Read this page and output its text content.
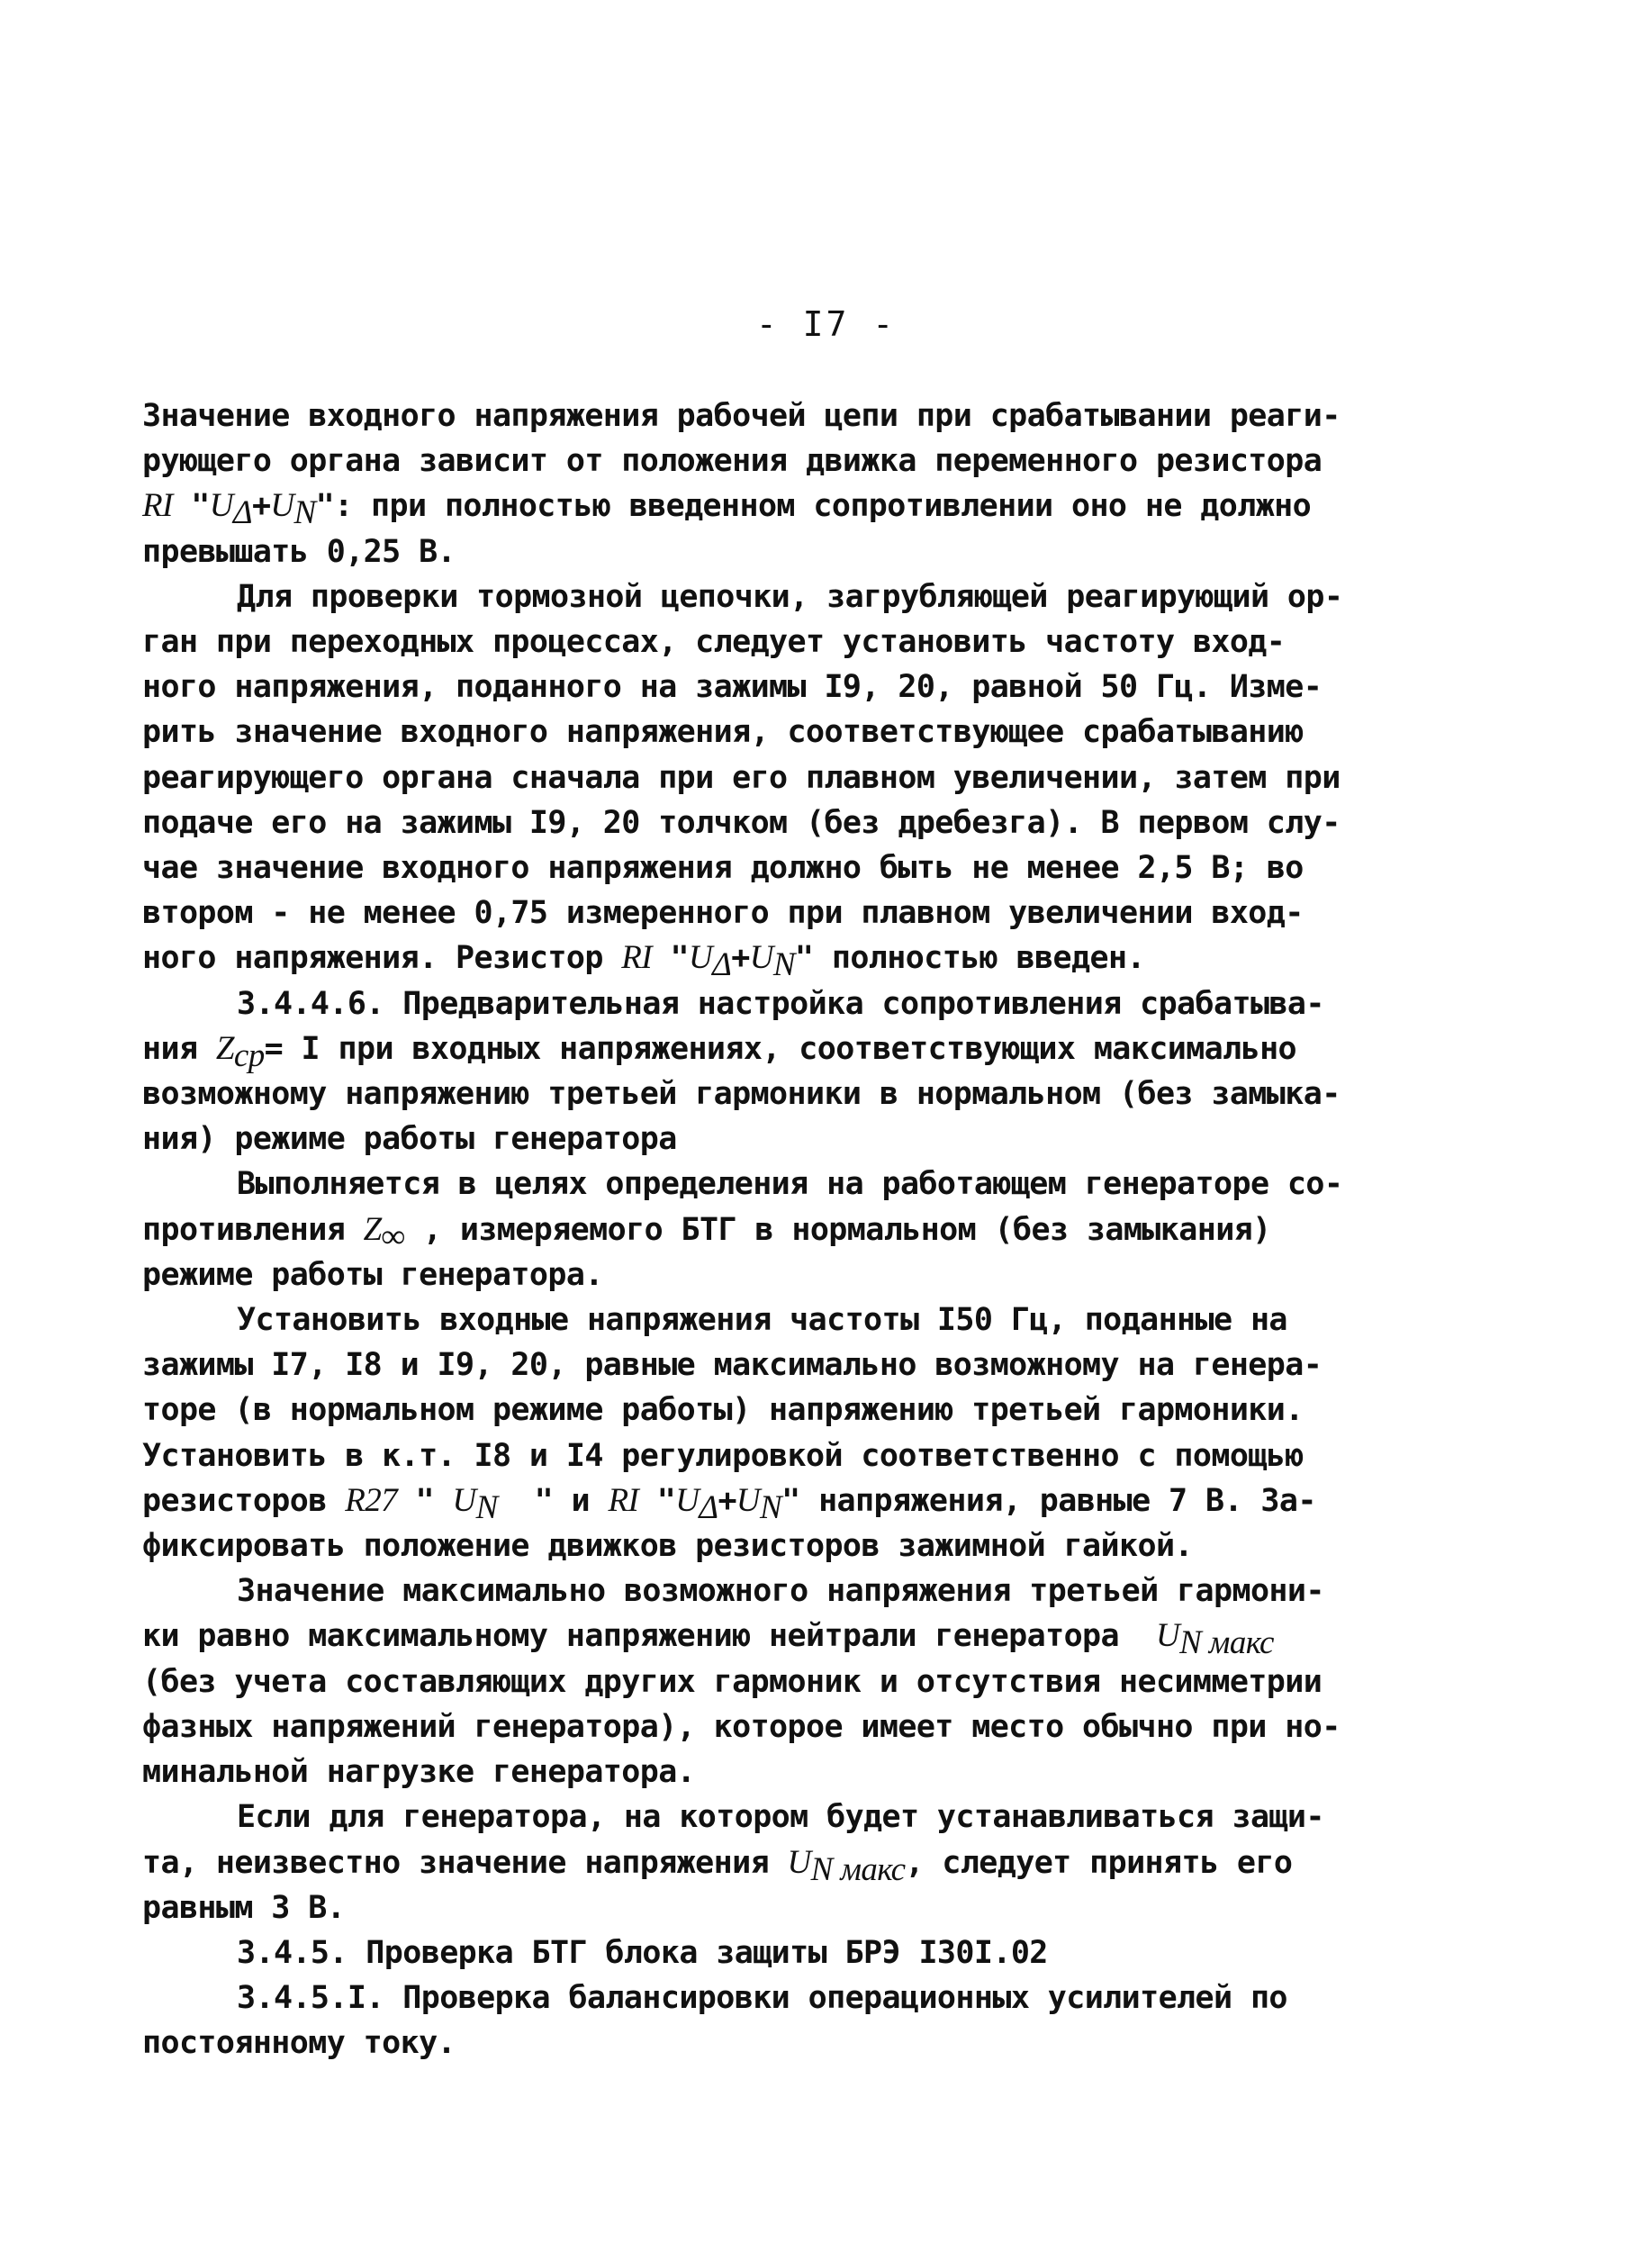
- I7 -

Значение входного напряжения рабочей цепи при срабатывании реаги-

рующего органа зависит от положения движка переменного резистора

RI "$U_\Delta+U_N$": при полностью введенном сопротивлении оно не должно

превышать 0,25 В.

Для проверки тормозной цепочки, загрубляющей реагирующий ор-

ган при переходных процессах, следует установить частоту вход-

ного напряжения, поданного на зажимы I9, 20, равной 50 Гц. Изме-

рить значение входного напряжения, соответствующее срабатыванию

реагирующего органа сначала при его плавном увеличении, затем при

подаче его на зажимы I9, 20 толчком (без дребезга). В первом слу-

чае значение входного напряжения должно быть не менее 2,5 В; во

втором - не менее 0,75 измеренного при плавном увеличении вход-

ного напряжения. Резистор RI "$U_\Delta+U_N$" полностью введен.

3.4.4.6. Предварительная настройка сопротивления срабатыва-

ния $Z_{ср}= I$ при входных напряжениях, соответствующих максимально

возможному напряжению третьей гармоники в нормальном (без замыка-

ния) режиме работы генератора

Выполняется в целях определения на работающем генераторе со-

противления $Z_\infty$ , измеряемого БТГ в нормальном (без замыкания)

режиме работы генератора.

Установить входные напряжения частоты I50 Гц, поданные на

зажимы I7, I8 и I9, 20, равные максимально возможному на генера-

торе (в нормальном режиме работы) напряжению третьей гармоники.

Установить в к.т. I8 и I4 регулировкой соответственно с помощью

резисторов R27 " $U_N$  " и RI "$U_\Delta+U_N$" напряжения, равные 7 В. За-

фиксировать положение движков резисторов зажимной гайкой.

Значение максимально возможного напряжения третьей гармони-

ки равно максимальному напряжению нейтрали генератора  $U_{N макс}$

(без учета составляющих других гармоник и отсутствия несимметрии

фазных напряжений генератора), которое имеет место обычно при но-

минальной нагрузке генератора.

Если для генератора, на котором будет устанавливаться защи-

та, неизвестно значение напряжения $U_{N макс}$, следует принять его

равным 3 В.

3.4.5. Проверка БТГ блока защиты БРЭ I30I.02

3.4.5.I. Проверка балансировки операционных усилителей по

постоянному току.
